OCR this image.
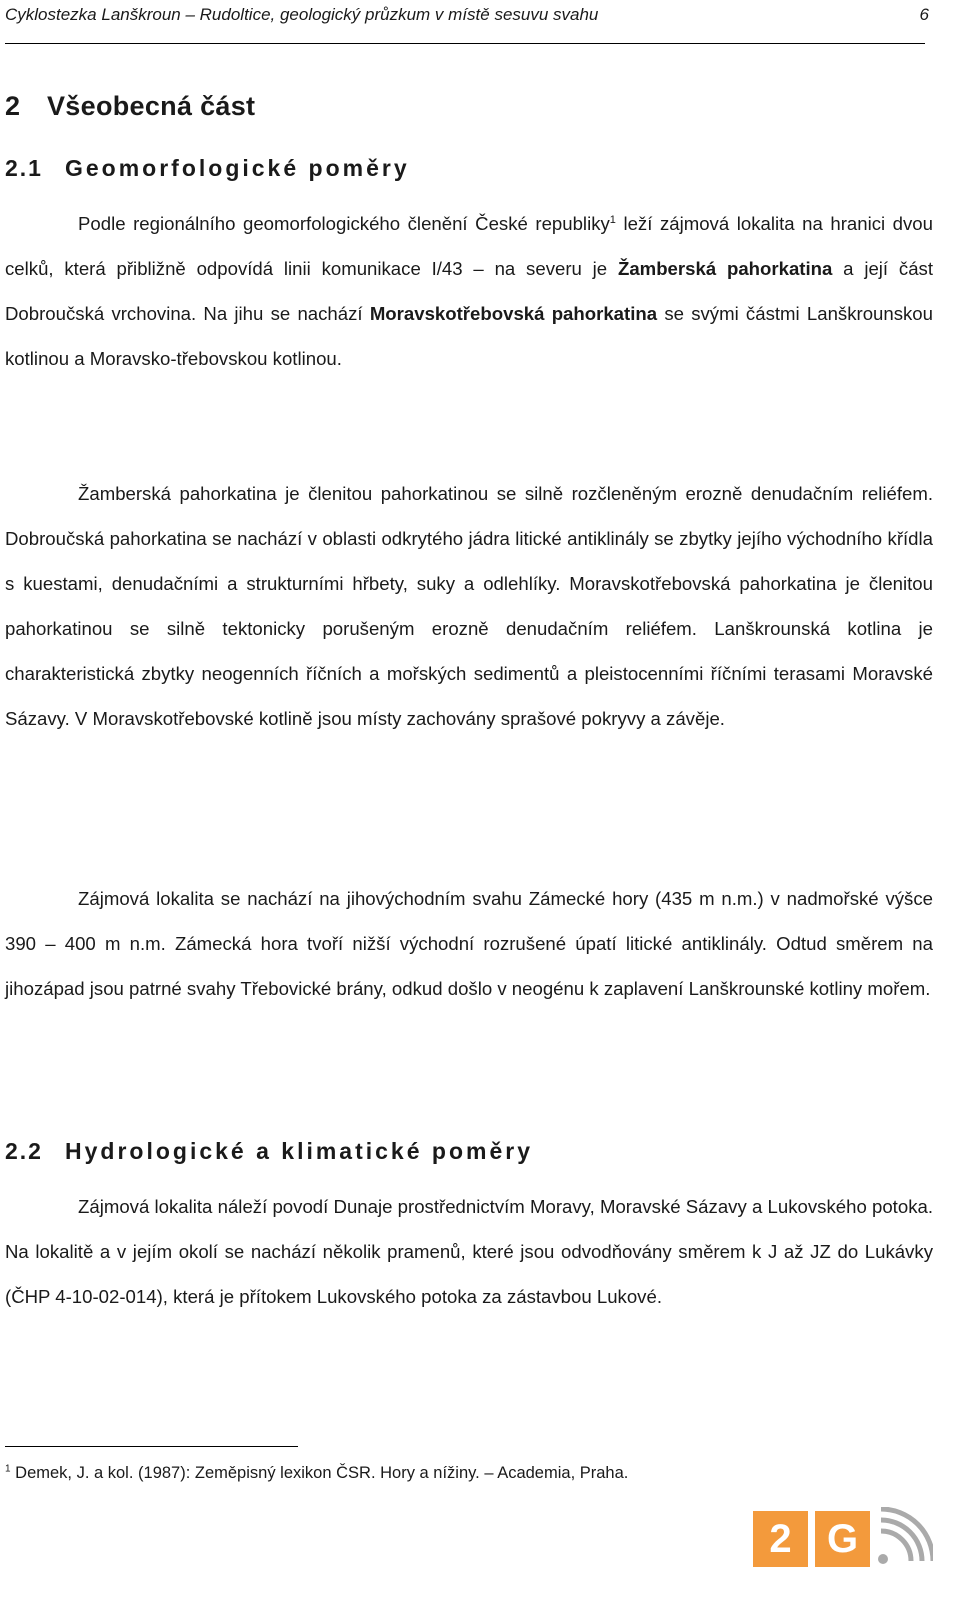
Cyklostezka Lanškroun – Rudoltice, geologický průzkum v místě sesuvu svahu	6
2 Všeobecná část
2.1 Geomorfologické poměry

Podle regionálního geomorfologického členění České republiky$^1$ leží zájmová lokalita na hranici dvou celků, která přibližně odpovídá linii komunikace I/43 – na severu je Žamberská pahorkatina a její část Dobroučská vrchovina. Na jihu se nachází Moravskotřebovská pahorkatina se svými částmi Lanškrounskou kotlinou a Moravsko-třebovskou kotlinou.

Žamberská pahorkatina je členitou pahorkatinou se silně rozčleněným erozně denudačním reliéfem. Dobroučská pahorkatina se nachází v oblasti odkrytého jádra litické antiklinály se zbytky jejího východního křídla s kuestami, denudačními a strukturními hřbety, suky a odlehlíky. Moravskotřebovská pahorkatina je členitou pahorkatinou se silně tektonicky porušeným erozně denudačním reliéfem. Lanškrounská kotlina je charakteristická zbytky neogenních říčních a mořských sedimentů a pleistocenními říčními terasami Moravské Sázavy. V Moravskotřebovské kotlině jsou místy zachovány sprašové pokryvy a závěje.

Zájmová lokalita se nachází na jihovýchodním svahu Zámecké hory (435 m n.m.) v nadmořské výšce 390 – 400 m n.m. Zámecká hora tvoří nižší východní rozrušené úpatí litické antiklinály. Odtud směrem na jihozápad jsou patrné svahy Třebovické brány, odkud došlo v neogénu k zaplavení Lanškrounské kotliny mořem.

2.2 Hydrologické a klimatické poměry

Zájmová lokalita náleží povodí Dunaje prostřednictvím Moravy, Moravské Sázavy a Lukovského potoka. Na lokalitě a v jejím okolí se nachází několik pramenů, které jsou odvodňovány směrem k J až JZ do Lukávky (ČHP 4-10-02-014), která je přítokem Lukovského potoka za zástavbou Lukové.

$^1$ Demek, J. a kol. (1987): Zeměpisný lexikon ČSR. Hory a nížiny. – Academia, Praha.
2 G
